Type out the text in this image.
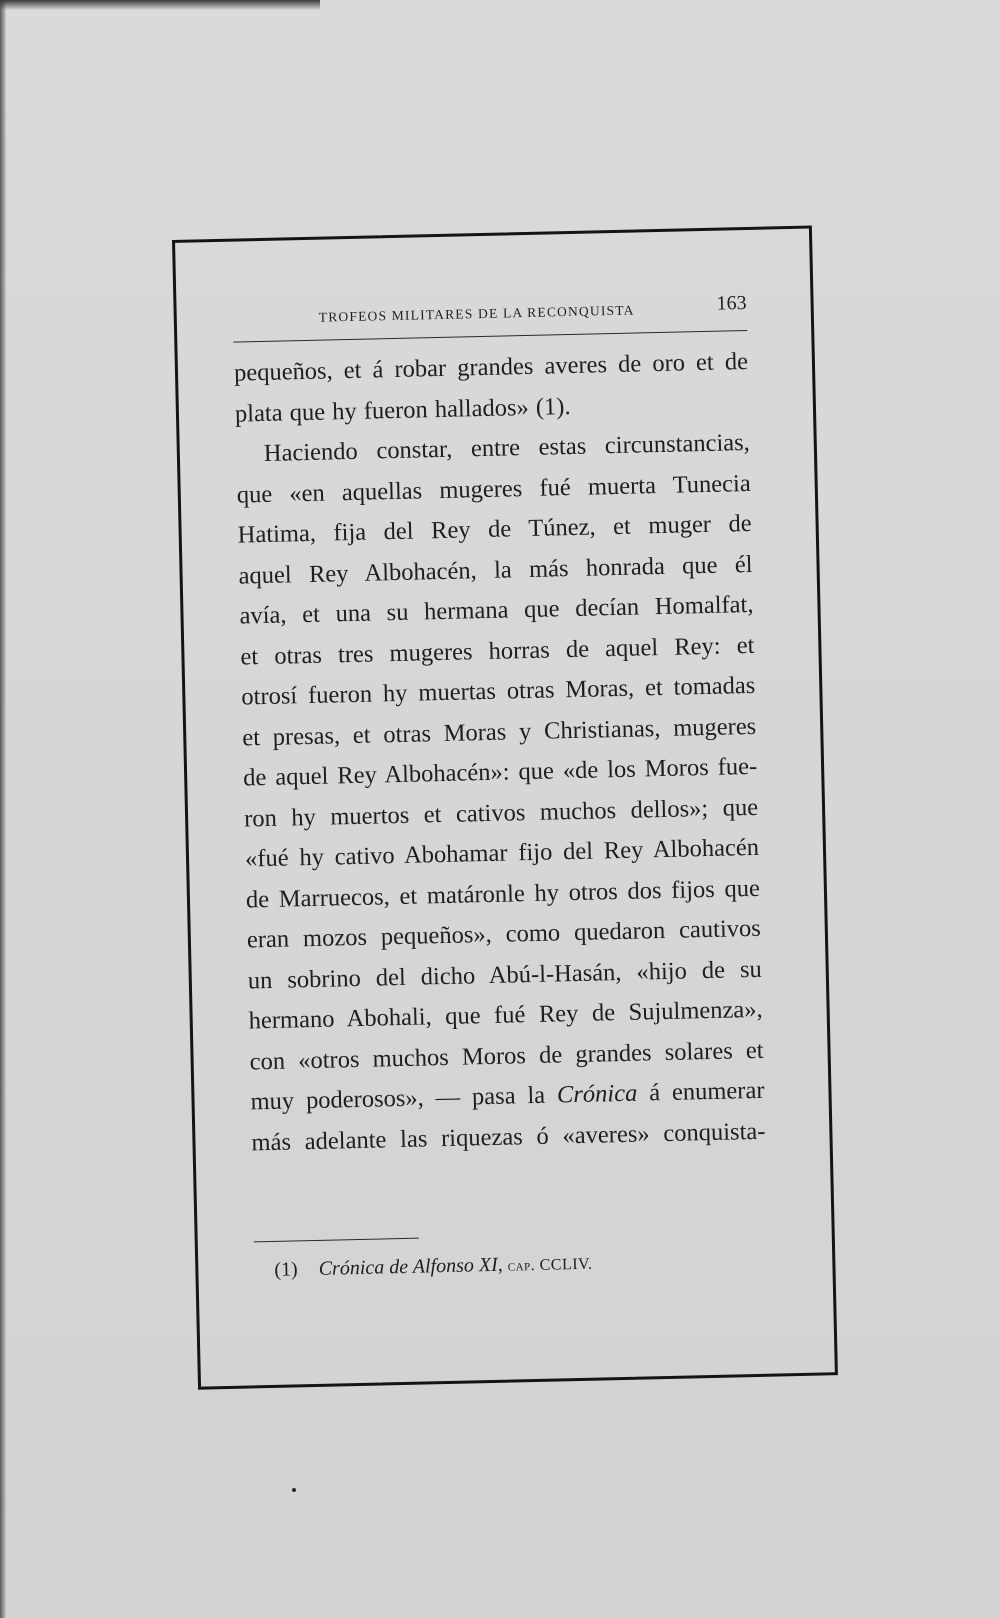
TROFEOS MILITARES DE LA RECONQUISTA	163
pequeños, et á robar grandes averes de oro et de
plata que hy fueron hallados» (1).
Haciendo constar, entre estas circunstancias,
que «en aquellas mugeres fué muerta Tunecia
Hatima, fija del Rey de Túnez, et muger de
aquel Rey Albohacén, la más honrada que él
avía, et una su hermana que decían Homalfat,
et otras tres mugeres horras de aquel Rey: et
otrosí fueron hy muertas otras Moras, et tomadas
et presas, et otras Moras y Christianas, mugeres
de aquel Rey Albohacén»: que «de los Moros fue-
ron hy muertos et cativos muchos dellos»; que
«fué hy cativo Abohamar fijo del Rey Albohacén
de Marruecos, et matáronle hy otros dos fijos que
eran mozos pequeños», como quedaron cautivos
un sobrino del dicho Abú-l-Hasán, «hijo de su
hermano Abohali, que fué Rey de Sujulmenza»,
con «otros muchos Moros de grandes solares et
muy poderosos», — pasa la Crónica á enumerar
más adelante las riquezas ó «averes» conquista-
(1) Crónica de Alfonso XI, cap. CCLIV.
